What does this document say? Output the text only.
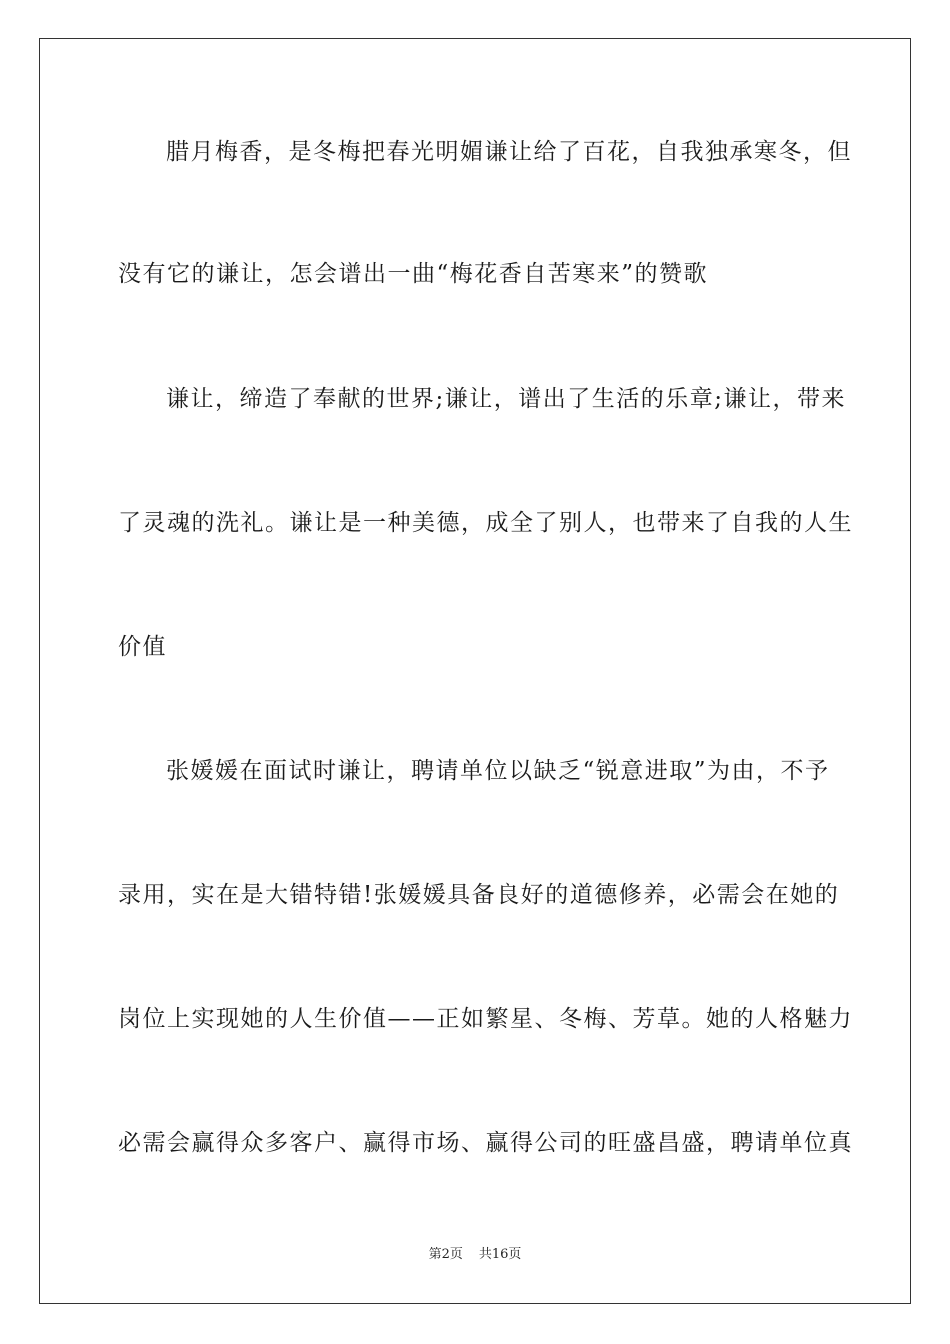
腊月梅香，是冬梅把春光明媚谦让给了百花，自我独承寒冬，但

没有它的谦让，怎会谱出一曲“梅花香自苦寒来”的赞歌

谦让，缔造了奉献的世界;谦让，谱出了生活的乐章;谦让，带来

了灵魂的洗礼。谦让是一种美德，成全了别人，也带来了自我的人生

价值

张媛媛在面试时谦让，聘请单位以缺乏“锐意进取”为由，不予

录用，实在是大错特错!张媛媛具备良好的道德修养，必需会在她的

岗位上实现她的人生价值——正如繁星、冬梅、芳草。她的人格魅力

必需会赢得众多客户、赢得市场、赢得公司的旺盛昌盛，聘请单位真

第2页 共16页
